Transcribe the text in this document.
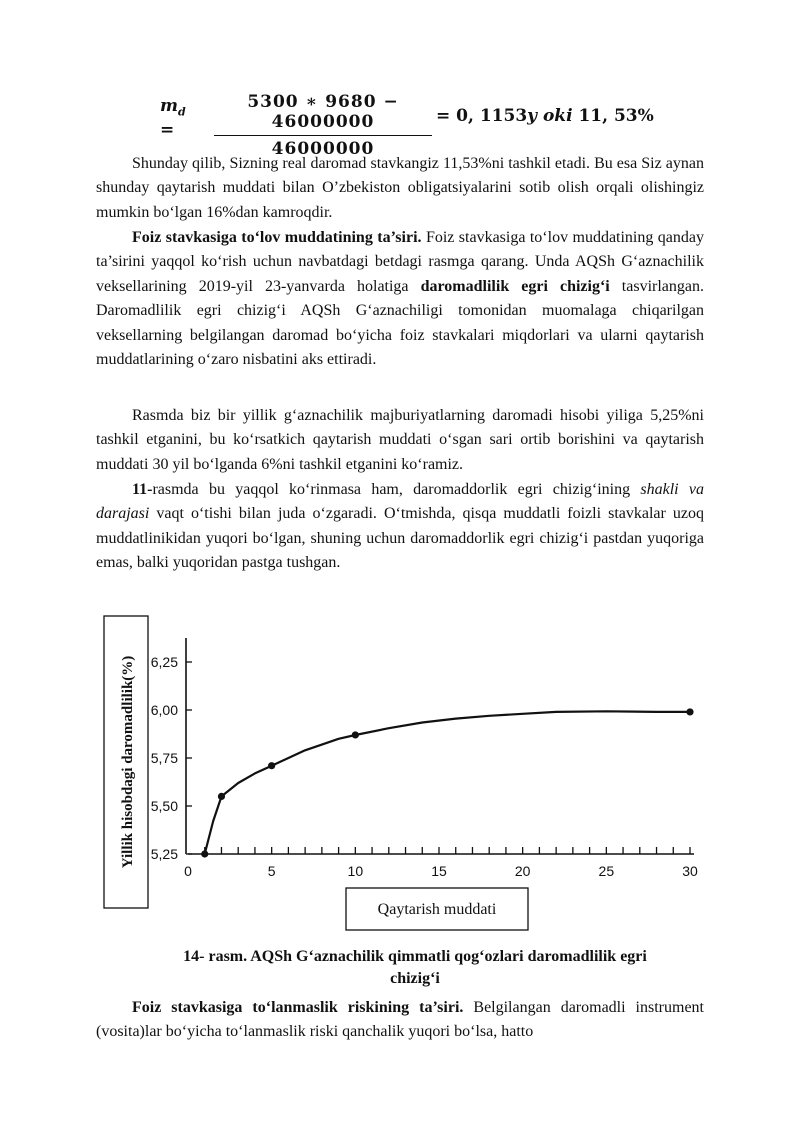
$m_d$
=
5300 ∗ 9680 − 46000000
46000000
= 0, 1153y oki 11, 53%

Shunday qilib, Sizning real daromad stavkangiz 11,53%ni tashkil etadi. Bu esa Siz aynan shunday qaytarish muddati bilan O’zbekiston obligatsiyalarini sotib olish orqali olishingiz mumkin bo‘lgan 16%dan kamroqdir.

Foiz stavkasiga to‘lov muddatining ta’siri. Foiz stavkasiga to‘lov muddatining qanday ta’sirini yaqqol ko‘rish uchun navbatdagi betdagi rasmga qarang. Unda AQSh G‘aznachilik veksellarining 2019-yil 23-yanvarda holatiga daromadlilik egri chizig‘i tasvirlangan. Daromadlilik egri chizig‘i AQSh G‘aznachiligi tomonidan muomalaga chiqarilgan veksellarning belgilangan daromad bo‘yicha foiz stavkalari miqdorlari va ularni qaytarish muddatlarining o‘zaro nisbatini aks ettiradi.

Rasmda biz bir yillik g‘aznachilik majburiyatlarning daromadi hisobi yiliga 5,25%ni tashkil etganini, bu ko‘rsatkich qaytarish muddati o‘sgan sari ortib borishini va qaytarish muddati 30 yil bo‘lganda 6%ni tashkil etganini ko‘ramiz.

11-rasmda bu yaqqol ko‘rinmasa ham, daromaddorlik egri chizig‘ining shakli va darajasi vaqt o‘tishi bilan juda o‘zgaradi. O‘tmishda, qisqa muddatli foizli stavkalar uzoq muddatlinikidan yuqori bo‘lgan, shuning uchun daromaddorlik egri chizig‘i pastdan yuqoriga emas, balki yuqoridan pastga tushgan.

Yillik hisobdagi daromadlilik(%)
Qaytarish muddati
0	5	10	15	20	25	30
5,25
5,50
5,75
6,00
6,25
14- rasm. AQSh G‘aznachilik qimmatli qog‘ozlari daromadlilik egri
chizig‘i

Foiz stavkasiga to‘lanmaslik riskining ta’siri. Belgilangan daromadli instrument (vosita)lar bo‘yicha to‘lanmaslik riski qanchalik yuqori bo‘lsa, hatto
